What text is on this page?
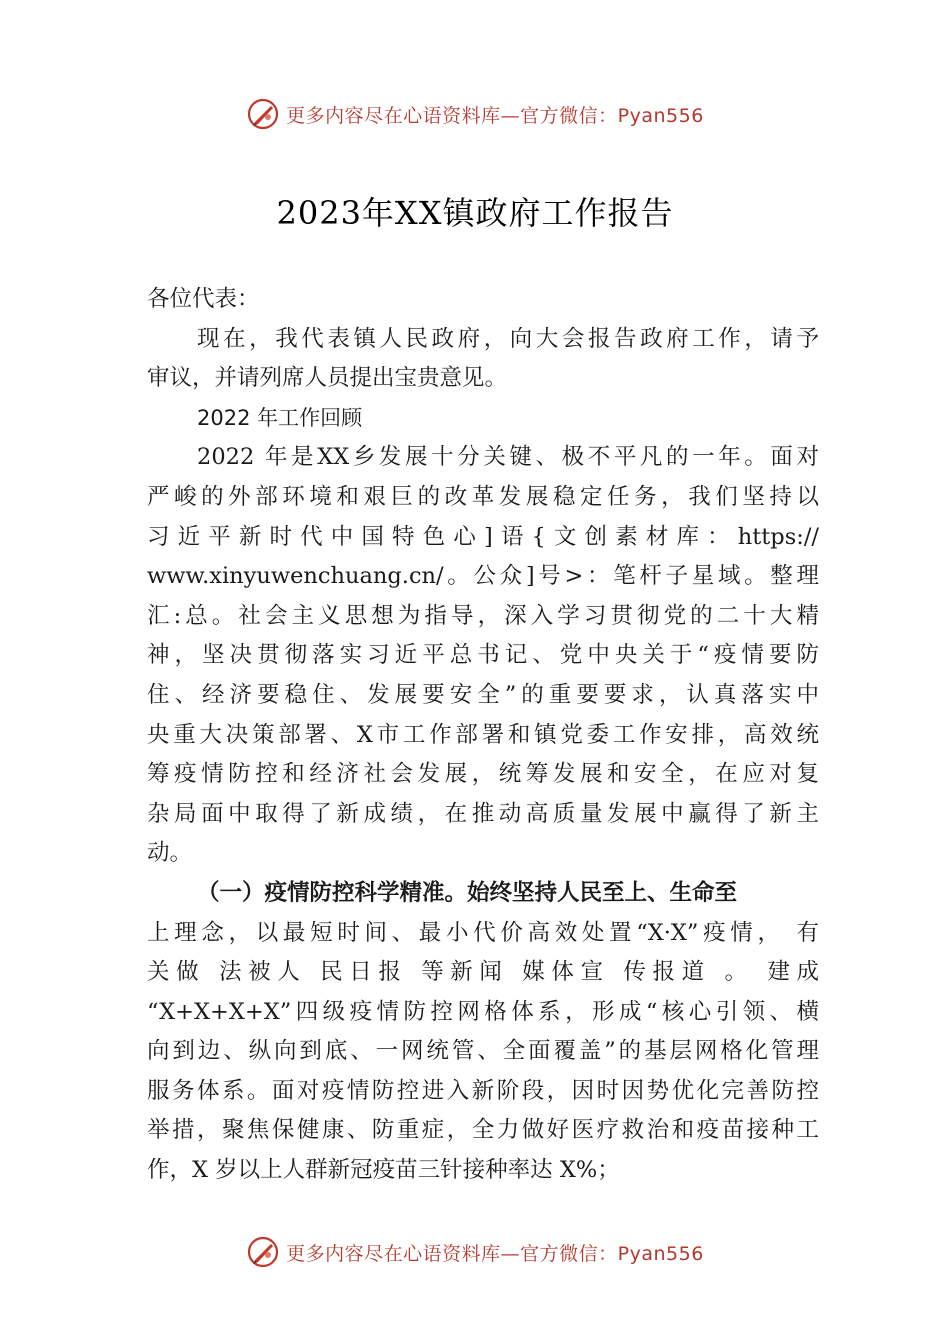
更多内容尽在心语资料库—官方微信：Pyan556
2023年XX镇政府工作报告
各位代表：
现在，我代表镇人民政府，向大会报告政府工作，请予
审议，并请列席人员提出宝贵意见。
2022 年工作回顾
2022 年是XX乡发展十分关键、极不平凡的一年。面对
严峻的外部环境和艰巨的改革发展稳定任务，我们坚持以
习近平新时代中国特色心]语{文创素材库：https://
www.xinyuwenchuang.cn/。公众]号>：笔杆子星域。整理
汇:总。社会主义思想为指导，深入学习贯彻党的二十大精
神，坚决贯彻落实习近平总书记、党中央关于“疫情要防
住、经济要稳住、发展要安全”的重要要求，认真落实中
央重大决策部署、X市工作部署和镇党委工作安排，高效统
筹疫情防控和经济社会发展，统筹发展和安全，在应对复
杂局面中取得了新成绩，在推动高质量发展中赢得了新主
动。
（一）疫情防控科学精准。始终坚持人民至上、生命至
上理念，以最短时间、最小代价高效处置“X·X”疫情， 有
关做 法被人 民日报 等新闻 媒体宣 传报道 。 建成
“X+X+X+X”四级疫情防控网格体系，形成“核心引领、横
向到边、纵向到底、一网统管、全面覆盖”的基层网格化管理
服务体系。面对疫情防控进入新阶段，因时因势优化完善防控
举措，聚焦保健康、防重症，全力做好医疗救治和疫苗接种工
作，X 岁以上人群新冠疫苗三针接种率达 X%；
更多内容尽在心语资料库—官方微信：Pyan556
